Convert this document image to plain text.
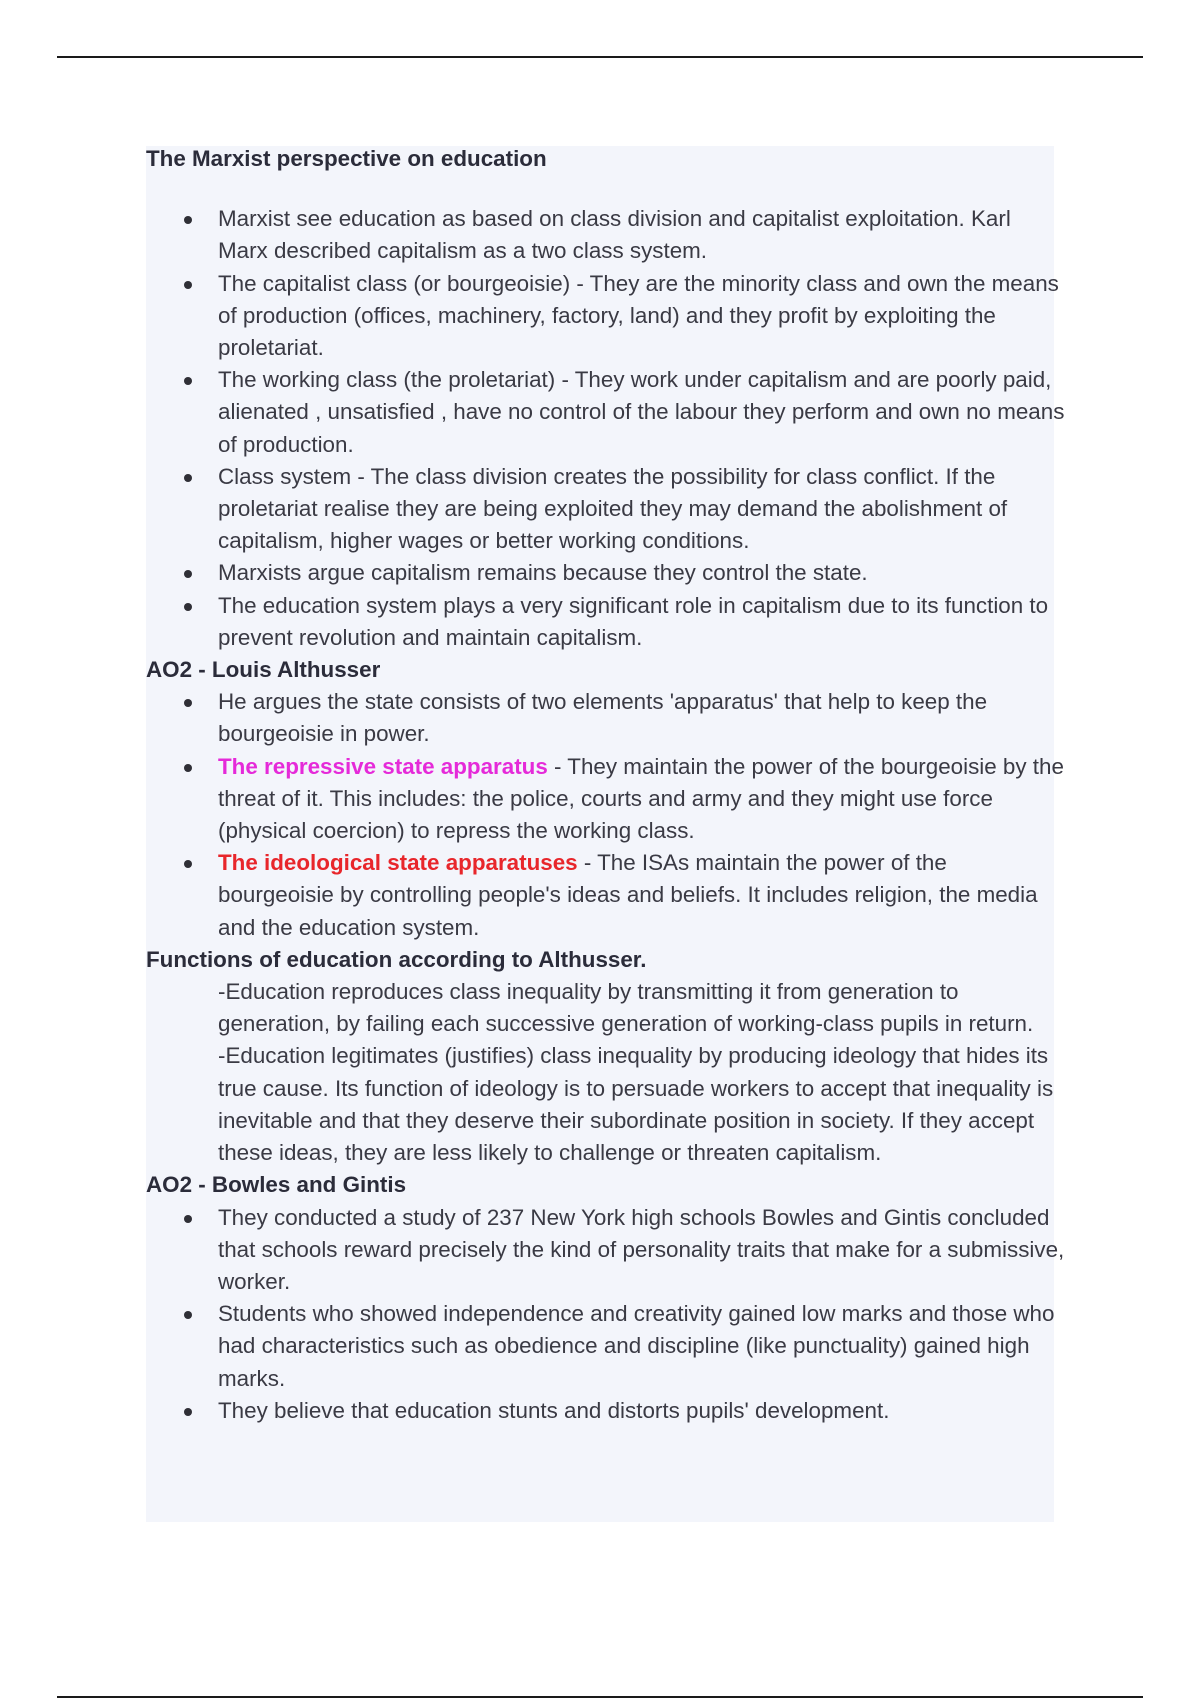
The Marxist perspective on education
Marxist see education as based on class division and capitalist exploitation. Karl Marx described capitalism as a two class system.
The capitalist class (or bourgeoisie) - They are the minority class and own the means of production (offices, machinery, factory, land) and they profit by exploiting the proletariat.
The working class (the proletariat) - They work under capitalism and are poorly paid, alienated , unsatisfied , have no control of the labour they perform and own no means of production.
Class system - The class division creates the possibility for class conflict. If the proletariat realise they are being exploited they may demand the abolishment of capitalism, higher wages or better working conditions.
Marxists argue capitalism remains because they control the state.
The education system plays a very significant role in capitalism due to its function to prevent revolution and maintain capitalism.
AO2 - Louis Althusser
He argues the state consists of two elements 'apparatus' that help to keep the bourgeoisie in power.
The repressive state apparatus - They maintain the power of the bourgeoisie by the threat of it. This includes: the police, courts and army and they might use force (physical coercion) to repress the working class.
The ideological state apparatuses - The ISAs maintain the power of the bourgeoisie by controlling people's ideas and beliefs. It includes religion, the media and the education system.
Functions of education according to Althusser.
-Education reproduces class inequality by transmitting it from generation to generation, by failing each successive generation of working-class pupils in return.
-Education legitimates (justifies) class inequality by producing ideology that hides its true cause. Its function of ideology is to persuade workers to accept that inequality is inevitable and that they deserve their subordinate position in society. If they accept these ideas, they are less likely to challenge or threaten capitalism.
AO2 - Bowles and Gintis
They conducted a study of 237 New York high schools Bowles and Gintis concluded that schools reward precisely the kind of personality traits that make for a submissive, worker.
Students who showed independence and creativity gained low marks and those who had characteristics such as obedience and discipline (like punctuality) gained high marks.
They believe that education stunts and distorts pupils' development.
